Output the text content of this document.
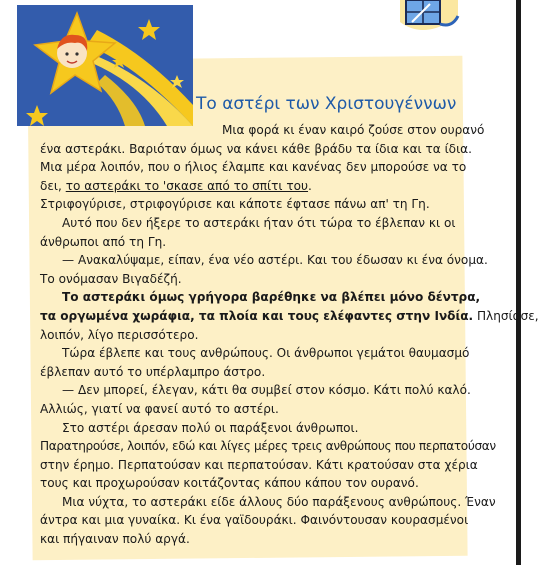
Το αστέρι των Χριστουγέννων
Μια φορά κι έναν καιρό ζούσε στον ουρανό
ένα αστεράκι. Βαριόταν όμως να κάνει κάθε βράδυ τα ίδια και τα ίδια.
Μια μέρα λοιπόν, που ο ήλιος έλαμπε και κανένας δεν μπορούσε να το
δει, το αστεράκι το 'σκασε από το σπίτι του.
Στριφογύρισε, στριφογύρισε και κάποτε έφτασε πάνω απ' τη Γη.
Αυτό που δεν ήξερε το αστεράκι ήταν ότι τώρα το έβλεπαν κι οι
άνθρωποι από τη Γη.
— Ανακαλύψαμε, είπαν, ένα νέο αστέρι. Και του έδωσαν κι ένα όνομα.
Το ονόμασαν Βιγαδέζή.
Το αστεράκι όμως γρήγορα βαρέθηκε να βλέπει μόνο δέντρα,
τα οργωμένα χωράφια, τα πλοία και τους ελέφαντες στην Ινδία. Πλησίασε,
λοιπόν, λίγο περισσότερο.
Τώρα έβλεπε και τους ανθρώπους. Οι άνθρωποι γεμάτοι θαυμασμό
έβλεπαν αυτό το υπέρλαμπρο άστρο.
— Δεν μπορεί, έλεγαν, κάτι θα συμβεί στον κόσμο. Κάτι πολύ καλό.
Αλλιώς, γιατί να φανεί αυτό το αστέρι.
Στο αστέρι άρεσαν πολύ οι παράξενοι άνθρωποι.
Παρατηρούσε, λοιπόν, εδώ και λίγες μέρες τρεις ανθρώπους που περπατούσαν
στην έρημο. Περπατούσαν και περπατούσαν. Κάτι κρατούσαν στα χέρια
τους και προχωρούσαν κοιτάζοντας κάπου κάπου τον ουρανό.
Μια νύχτα, το αστεράκι είδε άλλους δύο παράξενους ανθρώπους. Έναν
άντρα και μια γυναίκα. Κι ένα γαϊδουράκι. Φαινόντουσαν κουρασμένοι
και πήγαιναν πολύ αργά.
